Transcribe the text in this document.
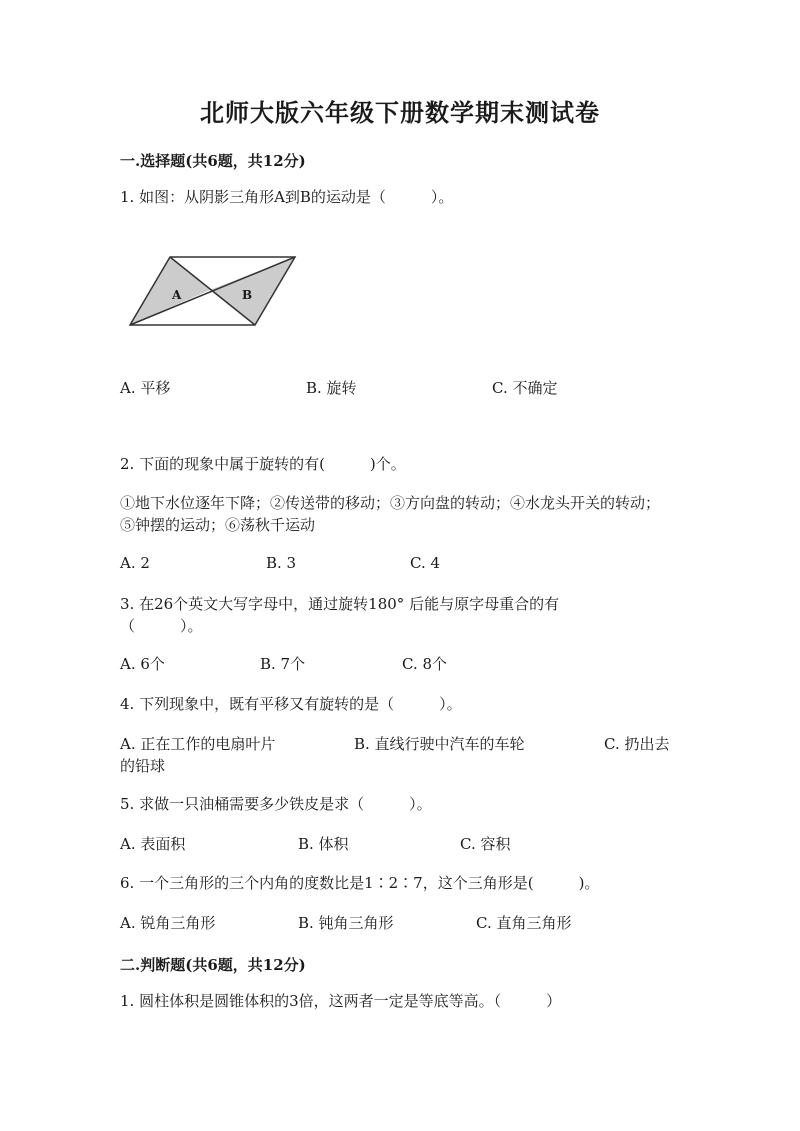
北师大版六年级下册数学期末测试卷
一.选择题(共6题，共12分)
1. 如图：从阴影三角形A到B的运动是（　　　）。
A	B
A. 平移	B. 旋转	C. 不确定
2. 下面的现象中属于旋转的有(　　　)个。
①地下水位逐年下降；②传送带的移动；③方向盘的转动；④水龙头开关的转动；⑤钟摆的运动；⑥荡秋千运动
A. 2	B. 3	C. 4
3. 在26个英文大写字母中，通过旋转180° 后能与原字母重合的有
（　　　）。
A. 6个	B. 7个	C. 8个
4. 下列现象中，既有平移又有旋转的是（　　　）。
A. 正在工作的电扇叶片	B. 直线行驶中汽车的车轮	C. 扔出去
的铅球
5. 求做一只油桶需要多少铁皮是求（　　　）。
A. 表面积	B. 体积	C. 容积
6. 一个三角形的三个内角的度数比是1∶2∶7，这个三角形是(　　　)。
A. 锐角三角形	B. 钝角三角形	C. 直角三角形
二.判断题(共6题，共12分)
1. 圆柱体积是圆锥体积的3倍，这两者一定是等底等高。（　　　）
